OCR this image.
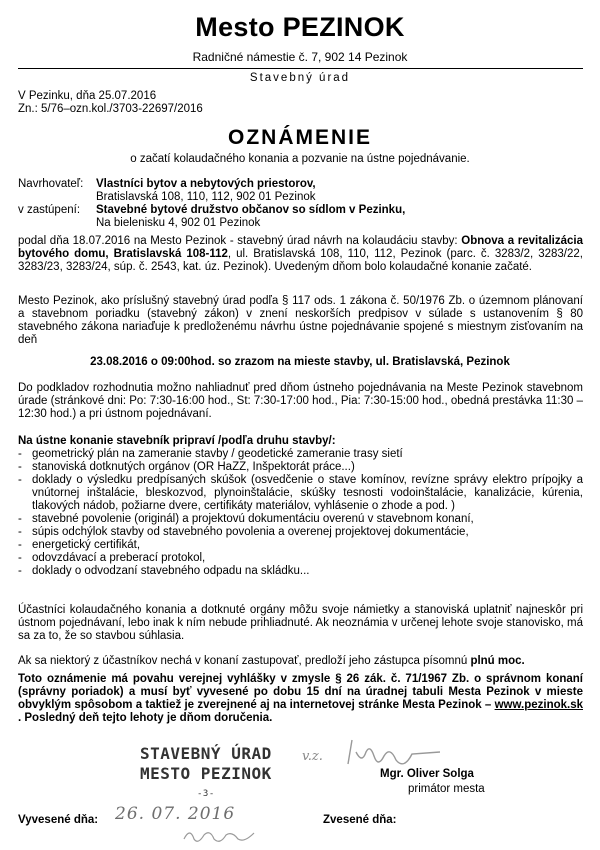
Mesto PEZINOK
Radničné námestie č. 7, 902 14 Pezinok
Stavebný úrad
V Pezinku, dňa 25.07.2016
Zn.: 5/76–ozn.kol./3703-22697/2016
OZNÁMENIE
o začatí kolaudačného konania a pozvanie na ústne pojednávanie.
Navrhovateľ: Vlastníci bytov a nebytových priestorov,
Bratislavská 108, 110, 112, 902 01 Pezinok
v zastúpení: Stavebné bytové družstvo občanov so sídlom v Pezinku,
Na bielenisku 4, 902 01 Pezinok
podal dňa 18.07.2016 na Mesto Pezinok - stavebný úrad návrh na kolaudáciu stavby: Obnova a revitalizácia bytového domu, Bratislavská 108-112, ul. Bratislavská 108, 110, 112, Pezinok (parc. č. 3283/2, 3283/22, 3283/23, 3283/24, súp. č. 2543, kat. úz. Pezinok). Uvedeným dňom bolo kolaudačné konanie začaté.
Mesto Pezinok, ako príslušný stavebný úrad podľa § 117 ods. 1 zákona č. 50/1976 Zb. o územnom plánovaní a stavebnom poriadku (stavebný zákon) v znení neskorších predpisov v súlade s ustanovením § 80 stavebného zákona nariaďuje k predloženému návrhu ústne pojednávanie spojené s miestnym zisťovaním na deň
23.08.2016 o 09:00hod. so zrazom na mieste stavby, ul. Bratislavská, Pezinok
Do podkladov rozhodnutia možno nahliadnuť pred dňom ústneho pojednávania na Meste Pezinok stavebnom úrade (stránkové dni: Po: 7:30-16:00 hod., St: 7:30-17:00 hod., Pia: 7:30-15:00 hod., obedná prestávka 11:30 – 12:30 hod.) a pri ústnom pojednávaní.
Na ústne konanie stavebník pripraví /podľa druhu stavby/:
- geometrický plán na zameranie stavby / geodetické zameranie trasy sietí
- stanoviská dotknutých orgánov (OR HaZZ, Inšpektorát práce...)
- doklady o výsledku predpísaných skúšok (osvedčenie o stave komínov, revízne správy elektro prípojky a vnútornej inštalácie, bleskozvod, plynoinštalácie, skúšky tesnosti vodoinštalácie, kanalizácie, kúrenia, tlakových nádob, požiarne dvere, certifikáty materiálov, vyhlásenie o zhode a pod. )
- stavebné povolenie (originál) a projektovú dokumentáciu overenú v stavebnom konaní,
- súpis odchýlok stavby od stavebného povolenia a overenej projektovej dokumentácie,
- energetický certifikát,
- odovzdávací a preberací protokol,
- doklady o odvodzaní stavebného odpadu na skládku...
Účastníci kolaudačného konania a dotknuté orgány môžu svoje námietky a stanoviská uplatniť najneskôr pri ústnom pojednávaní, lebo inak k ním nebude prihliadnuté. Ak neoznámia v určenej lehote svoje stanovisko, má sa za to, že so stavbou súhlasia.
Ak sa niektorý z účastníkov nechá v konaní zastupovať, predloží jeho zástupca písomnú plnú moc.
Toto oznámenie má povahu verejnej vyhlášky v zmysle § 26 zák. č. 71/1967 Zb. o správnom konaní (správny poriadok) a musí byť vyvesené po dobu 15 dní na úradnej tabuli Mesta Pezinok v mieste obvyklým spôsobom a taktiež je zverejnené aj na internetovej stránke Mesta Pezinok – www.pezinok.sk . Posledný deň tejto lehoty je dňom doručenia.
STAVEBNÝ ÚRAD
MESTO PEZINOK
-3-
v.z.
Mgr. Oliver Solga
primátor mesta
Vyvesené dňa: 26. 07. 2016	Zvesené dňa:
